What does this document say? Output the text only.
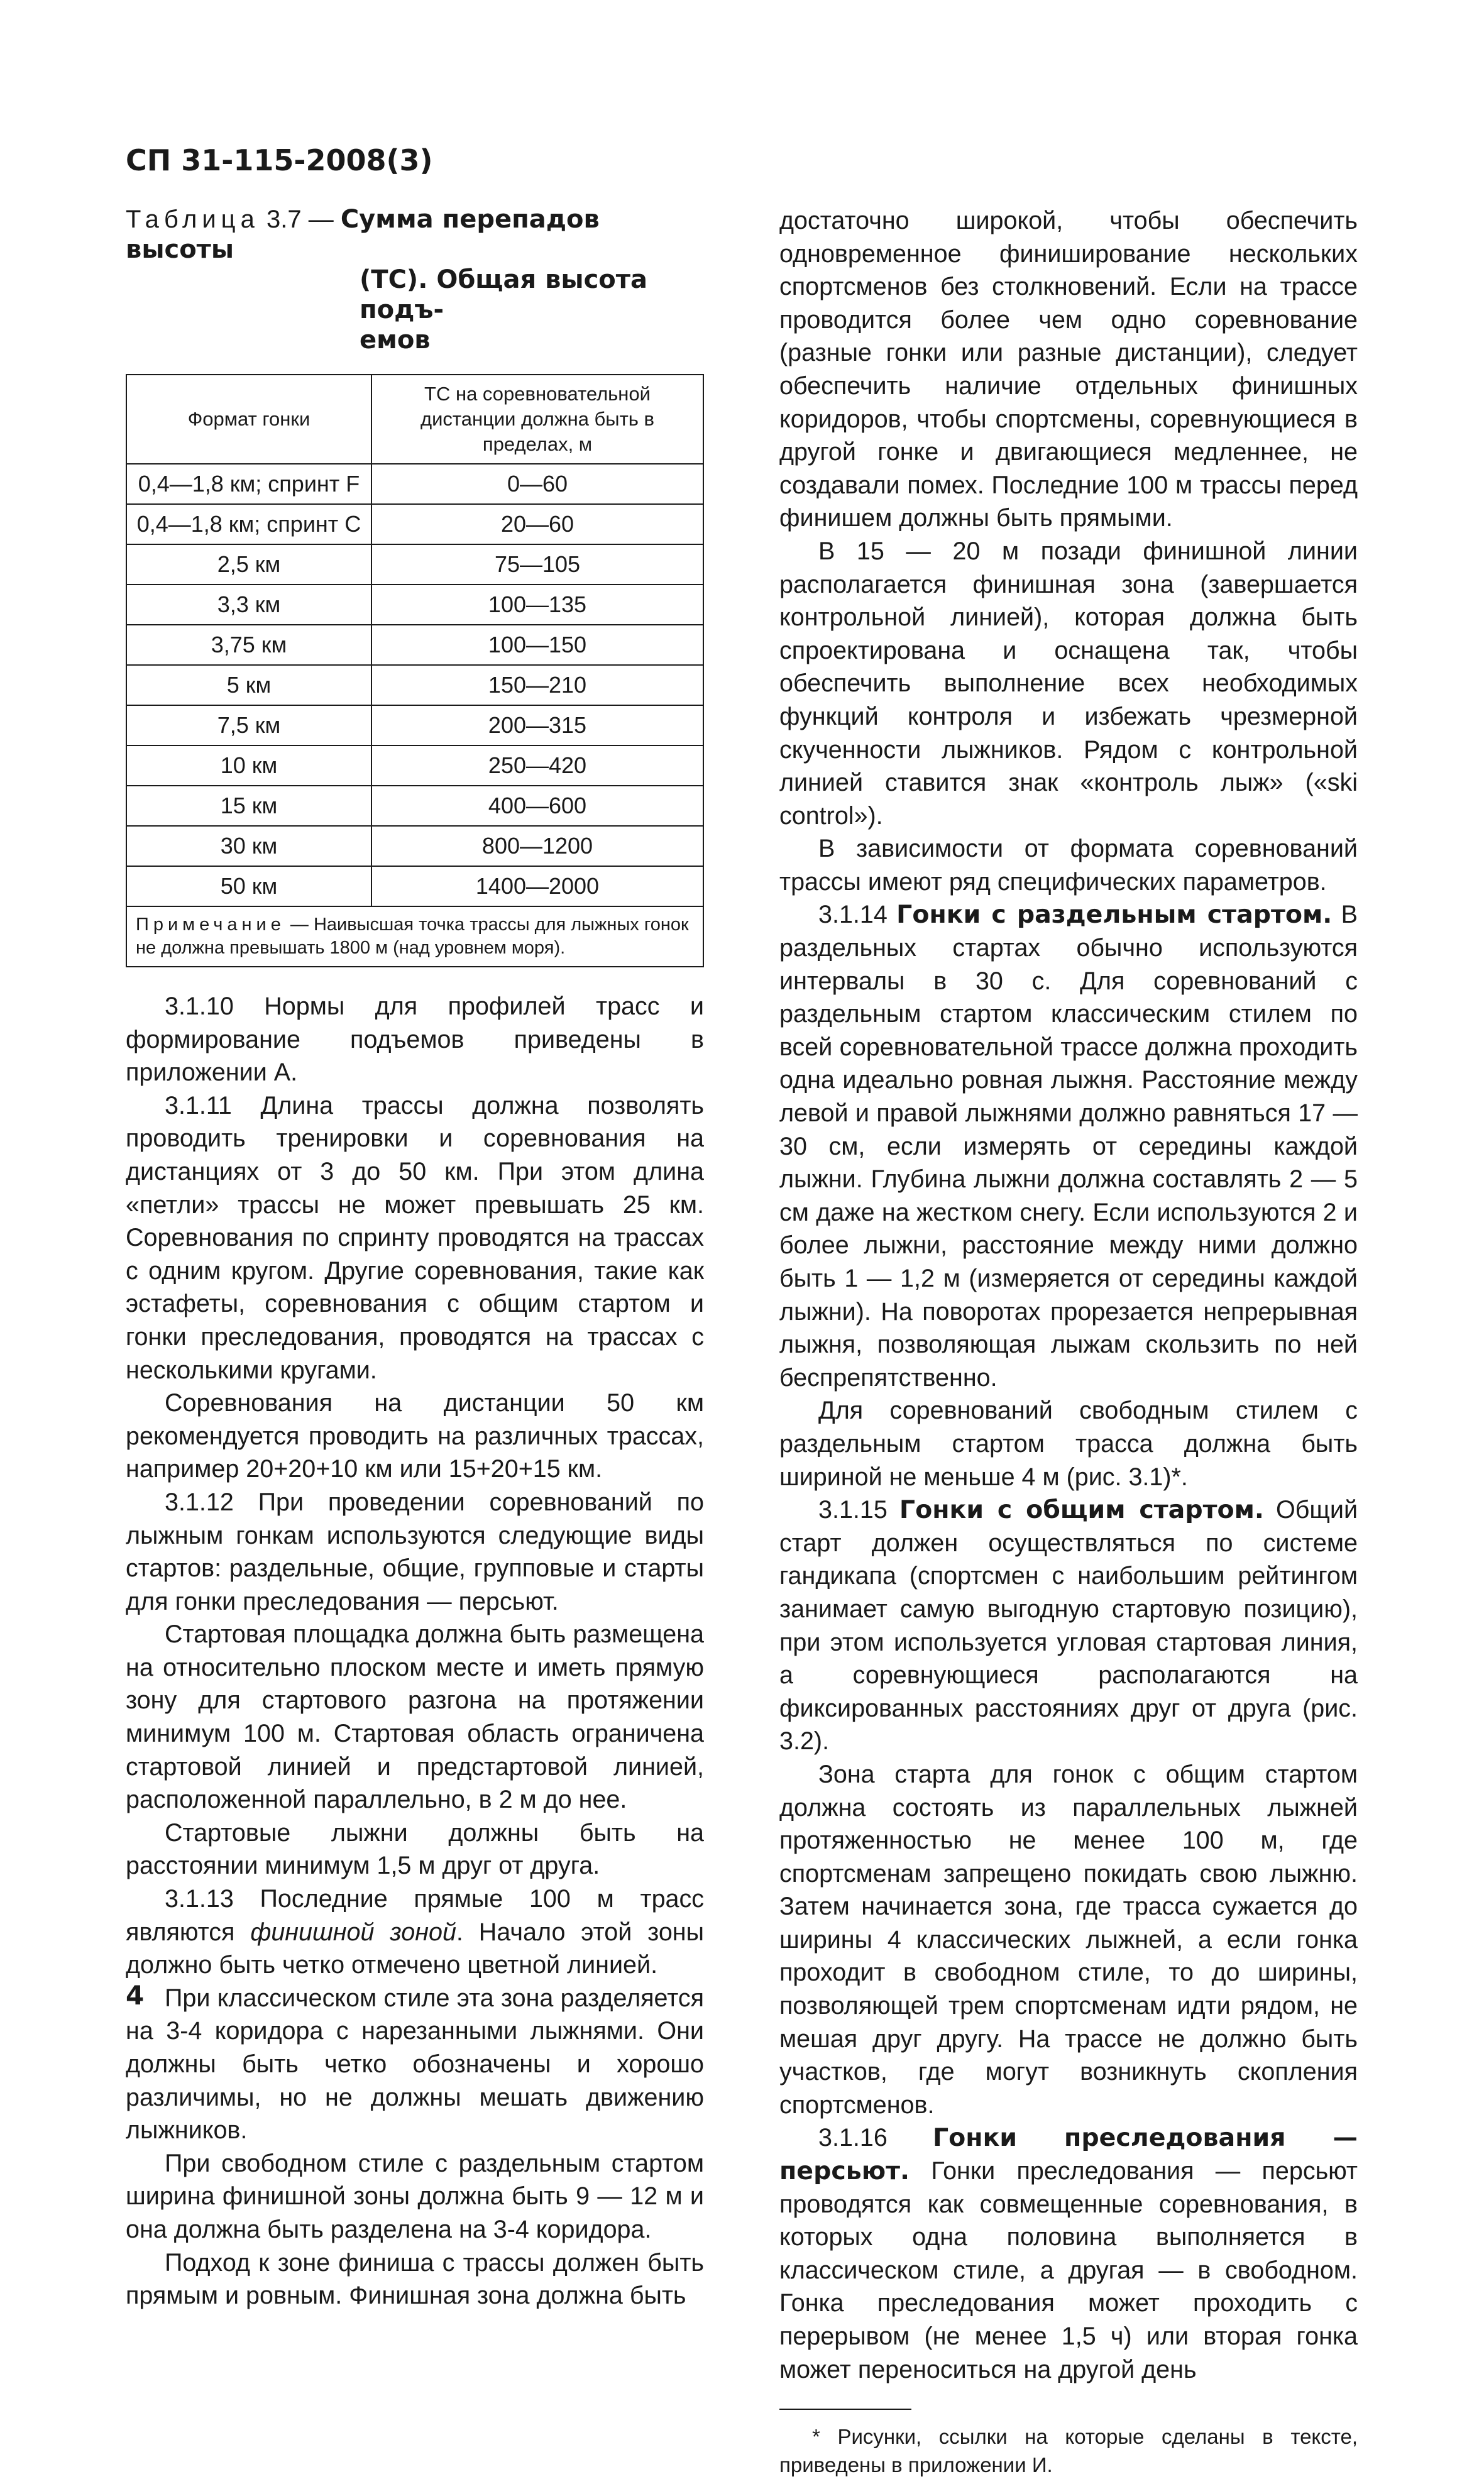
СП 31-115-2008(3)
Таблица 3.7 — Сумма перепадов высоты
(ТС). Общая высота подъ-
емов
Формат гонки	ТС на соревновательной дистанции должна быть в пределах, м
0,4—1,8 км; спринт F	0—60
0,4—1,8 км; спринт С	20—60
2,5 км	75—105
3,3 км	100—135
3,75 км	100—150
5 км	150—210
7,5 км	200—315
10 км	250—420
15 км	400—600
30 км	800—1200
50 км	1400—2000
Примечание — Наивысшая точка трассы для лыжных гонок не должна превышать 1800 м (над уровнем моря).	

3.1.10 Нормы для профилей трасс и формирование подъемов приведены в приложении А.

3.1.11 Длина трассы должна позволять проводить тренировки и соревнования на дистанциях от 3 до 50 км. При этом длина «петли» трассы не может превышать 25 км. Соревнования по спринту проводятся на трассах с одним кругом. Другие соревнования, такие как эстафеты, соревнования с общим стартом и гонки преследования, проводятся на трассах с несколькими кругами.

Соревнования на дистанции 50 км рекомендуется проводить на различных трассах, например 20+20+10 км или 15+20+15 км.

3.1.12 При проведении соревнований по лыжным гонкам используются следующие виды стартов: раздельные, общие, групповые и старты для гонки преследования — персьют.

Стартовая площадка должна быть размещена на относительно плоском месте и иметь прямую зону для стартового разгона на протяжении минимум 100 м. Стартовая область ограничена стартовой линией и предстартовой линией, расположенной параллельно, в 2 м до нее.

Стартовые лыжни должны быть на расстоянии минимум 1,5 м друг от друга.

3.1.13 Последние прямые 100 м трасс являются финишной зоной. Начало этой зоны должно быть четко отмечено цветной линией.

При классическом стиле эта зона разделяется на 3-4 коридора с нарезанными лыжнями. Они должны быть четко обозначены и хорошо различимы, но не должны мешать движению лыжников.

При свободном стиле с раздельным стартом ширина финишной зоны должна быть 9 — 12 м и она должна быть разделена на 3-4 коридора.

Подход к зоне финиша с трассы должен быть прямым и ровным. Финишная зона должна быть

достаточно широкой, чтобы обеспечить одновременное финиширование нескольких спортсменов без столкновений. Если на трассе проводится более чем одно соревнование (разные гонки или разные дистанции), следует обеспечить наличие отдельных финишных коридоров, чтобы спортсмены, соревнующиеся в другой гонке и двигающиеся медленнее, не создавали помех. Последние 100 м трассы перед финишем должны быть прямыми.

В 15 — 20 м позади финишной линии располагается финишная зона (завершается контрольной линией), которая должна быть спроектирована и оснащена так, чтобы обеспечить выполнение всех необходимых функций контроля и избежать чрезмерной скученности лыжников. Рядом с контрольной линией ставится знак «контроль лыж» («ski control»).

В зависимости от формата соревнований трассы имеют ряд специфических параметров.

3.1.14 Гонки с раздельным стартом. В раздельных стартах обычно используются интервалы в 30 с. Для соревнований с раздельным стартом классическим стилем по всей соревновательной трассе должна проходить одна идеально ровная лыжня. Расстояние между левой и правой лыжнями должно равняться 17 — 30 см, если измерять от середины каждой лыжни. Глубина лыжни должна составлять 2 — 5 см даже на жестком снегу. Если используются 2 и более лыжни, расстояние между ними должно быть 1 — 1,2 м (измеряется от середины каждой лыжни). На поворотах прорезается непрерывная лыжня, позволяющая лыжам скользить по ней беспрепятственно.

Для соревнований свободным стилем с раздельным стартом трасса должна быть шириной не меньше 4 м (рис. 3.1)*.

3.1.15 Гонки с общим стартом. Общий старт должен осуществляться по системе гандикапа (спортсмен с наибольшим рейтингом занимает самую выгодную стартовую позицию), при этом используется угловая стартовая линия, а соревнующиеся располагаются на фиксированных расстояниях друг от друга (рис. 3.2).

Зона старта для гонок с общим стартом должна состоять из параллельных лыжней протяженностью не менее 100 м, где спортсменам запрещено покидать свою лыжню. Затем начинается зона, где трасса сужается до ширины 4 классических лыжней, а если гонка проходит в свободном стиле, то до ширины, позволяющей трем спортсменам идти рядом, не мешая друг другу. На трассе не должно быть участков, где могут возникнуть скопления спортсменов.

3.1.16 Гонки преследования — персьют. Гонки преследования — персьют проводятся как совмещенные соревнования, в которых одна половина выполняется в классическом стиле, а другая — в свободном. Гонка преследования может проходить с перерывом (не менее 1,5 ч) или вторая гонка может переноситься на другой день

* Рисунки, ссылки на которые сделаны в тексте, приведены в приложении И.

4
